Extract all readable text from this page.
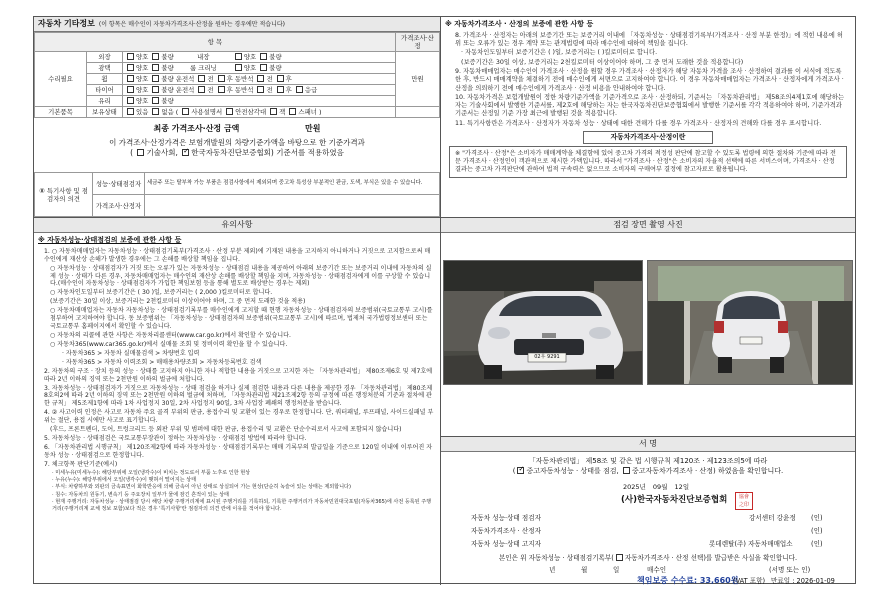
자동차 기타정보 (이 항목은 매수인이 자동차가격조사·산정을 원하는 경우에만 적습니다)
항 목			가격조사·산정
수리필요	외장	양호 불량 내장 양호 불량	만원
	광택	양호 불량 룸 크리닝 양호 불량	
	휠	양호 불량 운전석 전 후 동반석 전 후	
	타이어	양호 불량 운전석 전 후 동반석 전 후 응급	
	유리	양호 불량	
기본품목	보유상태	있음 없음 ( 사용설명서 안전삼각대 잭 스패너 )	
최종 가격조사·산정 금액	만원
이 가격조사·산정가격은 보험개발원의 차량기준가액을 바탕으로 한 기준가격과
( 기술사회, ✓ 한국자동차진단보증협회) 기준서를 적용하였음
⑧ 특기사항 및 점검자의 의견	성능·상태점검자	세금주 또는 탈부착 가능 부품은 점검사항에서 제외되며 중고차 특성상 부분적인 판금, 도색, 부식은 있을 수 있습니다.
	가격조사·산정자	
※ 자동차가격조사 · 산정의 보증에 관한 사항 등

8. 가격조사 · 산정자는 아래의 보증기간 또는 보증거리 이내에 「자동차성능 · 상태점검기록부(가격조사 · 산정 부분 한정)」에 적힌 내용에 허위 또는 오류가 있는 경우 계약 또는 관계법령에 따라 매수인에 대하여 책임을 집니다.

· 자동차인도일부터 보증기간은 ( )일, 보증거리는 ( )킬로미터로 합니다.

(보증기간은 30일 이상, 보증거리는 2천킬로미터 이상이어야 하며, 그 중 먼저 도래한 것을 적용합니다)

9. 자동차매매업자는 매수인이 가격조사 · 산정을 원할 경우 가격조사 · 산정자가 해당 자동차 가격을 조사 · 산정하여 결과를 이 서식에 적도록 한 후, 반드시 매매계약을 체결하기 전에 매수인에게 서면으로 고지하여야 합니다. 이 경우 자동차매매업자는 가격조사 · 산정자에게 가격조사 · 산정을 의뢰하기 전에 매수인에게 가격조사 · 산정 비용을 안내하여야 합니다.

10. 자동차가격은 보험개발원이 정한 차량기준가액을 기준가격으로 조사 · 산정하되, 기준서는 「자동차관리법」 제58조의4제1호에 해당하는 자는 기술사회에서 발행한 기준서를, 제2호에 해당하는 자는 한국자동차진단보증협회에서 발행한 기준서를 각각 적용하여야 하며, 기준가격과 기준서는 산정일 기준 가장 최근에 발행된 것을 적용합니다.

11. 특기사항란은 가격조사 · 산정자가 자동차 성능 · 상태에 대한 견해가 다를 경우 가격조사 · 산정자의 견해와 다를 경우 표시합니다.

자동차가격조사·산정이란
※ "가격조사 · 산정"은 소비자가 매매계약을 체결함에 있어 중고차 가격의 적정성 판단에 참고할 수 있도록 법령에 의한 절차와 기준에 따라 전문 가격조사 · 산정인이 객관적으로 제시한 가액입니다. 따라서 "가격조사 · 산정"은 소비자의 자율적 선택에 따른 서비스이며, 가격조사 · 산정 결과는 중고차 가격판단에 관하여 법적 구속력은 없으므로 소비자의 구매여부 결정에 참고자료로 활용됩니다.
유의사항
※ 자동차성능·상태점검의 보증에 관한 사항 등

1. ○ 자동차매매업자는 자동차성능 · 상태점검기록부(가격조사 · 산정 부분 제외)에 기재된 내용을 고지하지 아니하거나 거짓으로 고지함으로써 매수인에게 재산상 손해가 발생한 경우에는 그 손해를 배상할 책임을 집니다.

○ 자동차성능 · 상태점검자가 거짓 또는 오류가 있는 자동차성능 · 상태점검 내용을 제공하여 아래의 보증기간 또는 보증거리 이내에 자동차의 실제 성능 · 상태가 다른 경우, 자동차매매업자는 매수인의 재산상 손해를 배상할 책임을 지며, 자동차성능 · 상태점검자에게 이를 구상할 수 있습니다.(매수인이 자동차성능 · 상태점검자가 가입한 책임보험 등을 통해 별도로 배상받는 경우는 제외)

○ 자동차인도일부터 보증기간은 ( 30 )일, 보증거리는 ( 2,000 )킬로미터로 합니다.

(보증기간은 30일 이상, 보증거리는 2천킬로미터 이상이어야 하며, 그 중 먼저 도래한 것을 적용)

○ 자동차매매업자는 자동차 자동차성능 · 상태점검기록부를 매수인에게 고지할 때 현행 자동차성능 · 상태점검자의 보증범위(국토교통부 고시)를 첨부하여 고지하여야 합니다. 동 보증범위는 「자동차성능 · 상태점검자의 보증범위(국토교통부 고시)에 따르며, 법제처 국가법령정보센터 또는 국토교통부 홈페이지에서 확인할 수 있습니다.

○ 자동차의 리콜에 관한 사항은 자동차리콜센터(www.car.go.kr)에서 확인할 수 있습니다.

○ 자동차365(www.car365.go.kr)에서 실매물 조회 및 정비이력 확인을 할 수 있습니다.

· 자동차365 > 자동차 실매물검색 > 차량번호 입력

· 자동차365 > 자동차 이력조회 > 매매용차량조회 > 자동차등록번호 검색

2. 자동차의 구조 · 장치 등의 성능 · 상태를 고지하지 아니한 자나 적합한 내용을 거짓으로 고지한 자는 「자동차관리법」 제80조제6호 및 제7호에 따라 2년 이하의 징역 또는 2천만원 이하의 벌금에 처합니다.

3. 자동차성능 · 상태점검자가 거짓으로 자동차성능 · 상태 점검을 하거나 실제 점검한 내용과 다른 내용을 제공한 경우 「자동차관리법」 제80조제8호의2에 따라 2년 이하의 징역 또는 2천만원 이하의 벌금에 처하며, 「자동차관리법 제21조제2항 등의 규정에 따른 행정처분의 기준과 절차에 관한 규칙」 제5조제1항에 따라 1차 사업정지 30일, 2차 사업정지 90일, 3차 사업장 폐쇄의 행정처분을 받습니다.

4. ② 사고이력 인정은 사고로 자동차 주요 골격 부위의 판금, 용접수리 및 교환이 있는 경우로 한정합니다. 단, 쿼터패널, 루프패널, 사이드실패널 부위는 절단, 용접 시에만 사고로 표기합니다.

(후드, 프론트펜더, 도어, 트렁크리드 등 외판 부위 및 범퍼에 대한 판금, 용접수리 및 교환은 단순수리로서 사고에 포함되지 않습니다)

5. 자동차성능 · 상태점검은 국토교통부장관이 정하는 자동차성능 · 상태점검 방법에 따라야 합니다.

6. 「자동차관리법 시행규칙」 제120조제2항에 따라 자동차성능 · 상태점검기록부는 매매 기록부의 발급일을 기준으로 120일 이내에 이루어진 자동차 성능 · 상태점검으로 한정합니다.

7. 체크항목 판단기준(예시)

· 미세누유(미세누수): 해당부위에 오일(냉각수)이 비치는 정도로서 부품 노후로 인한 현상

· 누유(누수): 해당부위에서 오일(냉각수)이 맺혀서 떨어지는 상태

· 부식: 차량하부와 외판의 금속표면이 화학반응에 의해 금속이 아닌 상태로 상실되어 가는 현상(단순히 녹슬어 있는 상태는 제외합니다)

· 침수: 자동차의 원동기, 변속기 등 주요장치 일부가 물에 잠긴 흔적이 있는 상태

· 현재 주행거리: 자동차성능 · 상태점검 당시 해당 차량 주행거리계에 표시된 주행거리를 기록하되, 기록한 주행거리가 자동차민원대국포털(자동차365)에 사전 등록된 주행거리(주행거리계 교체 정보 포함)보다 적은 경우 '특기사항'란 점검자의 의견 란에 이유를 적어야 합니다.

점검 장면 촬영 사진
02우 9291
서 명
「자동차관리법」 제58조 및 같은 법 시행규칙 제120조 · 제123조의5에 따라
( ✓ 중고자동차성능 · 상태를 점검, 중고자동차가격조사 · 산정) 하였음을 확인합니다.
2025년 09월 12일
(사)한국자동차진단보증협회	協會
之印
자동차 성능·상태 점검자	강서센터 강윤정 (인)
자동차가격조사 · 산정자	(인)
자동차 성능·상태 고지자	롯데렌탈(주) 자동차매매업소	(인)
본인은 위 자동차성능 · 상태점검기록부( 자동차가격조사 · 산정 선택)를 발급받은 사실을 확인합니다.
년	월	일	매수인	(서명 또는 인)
책임보증 수수료: 33,660원
(VAT 포함) 만료일 : 2026-01-09
